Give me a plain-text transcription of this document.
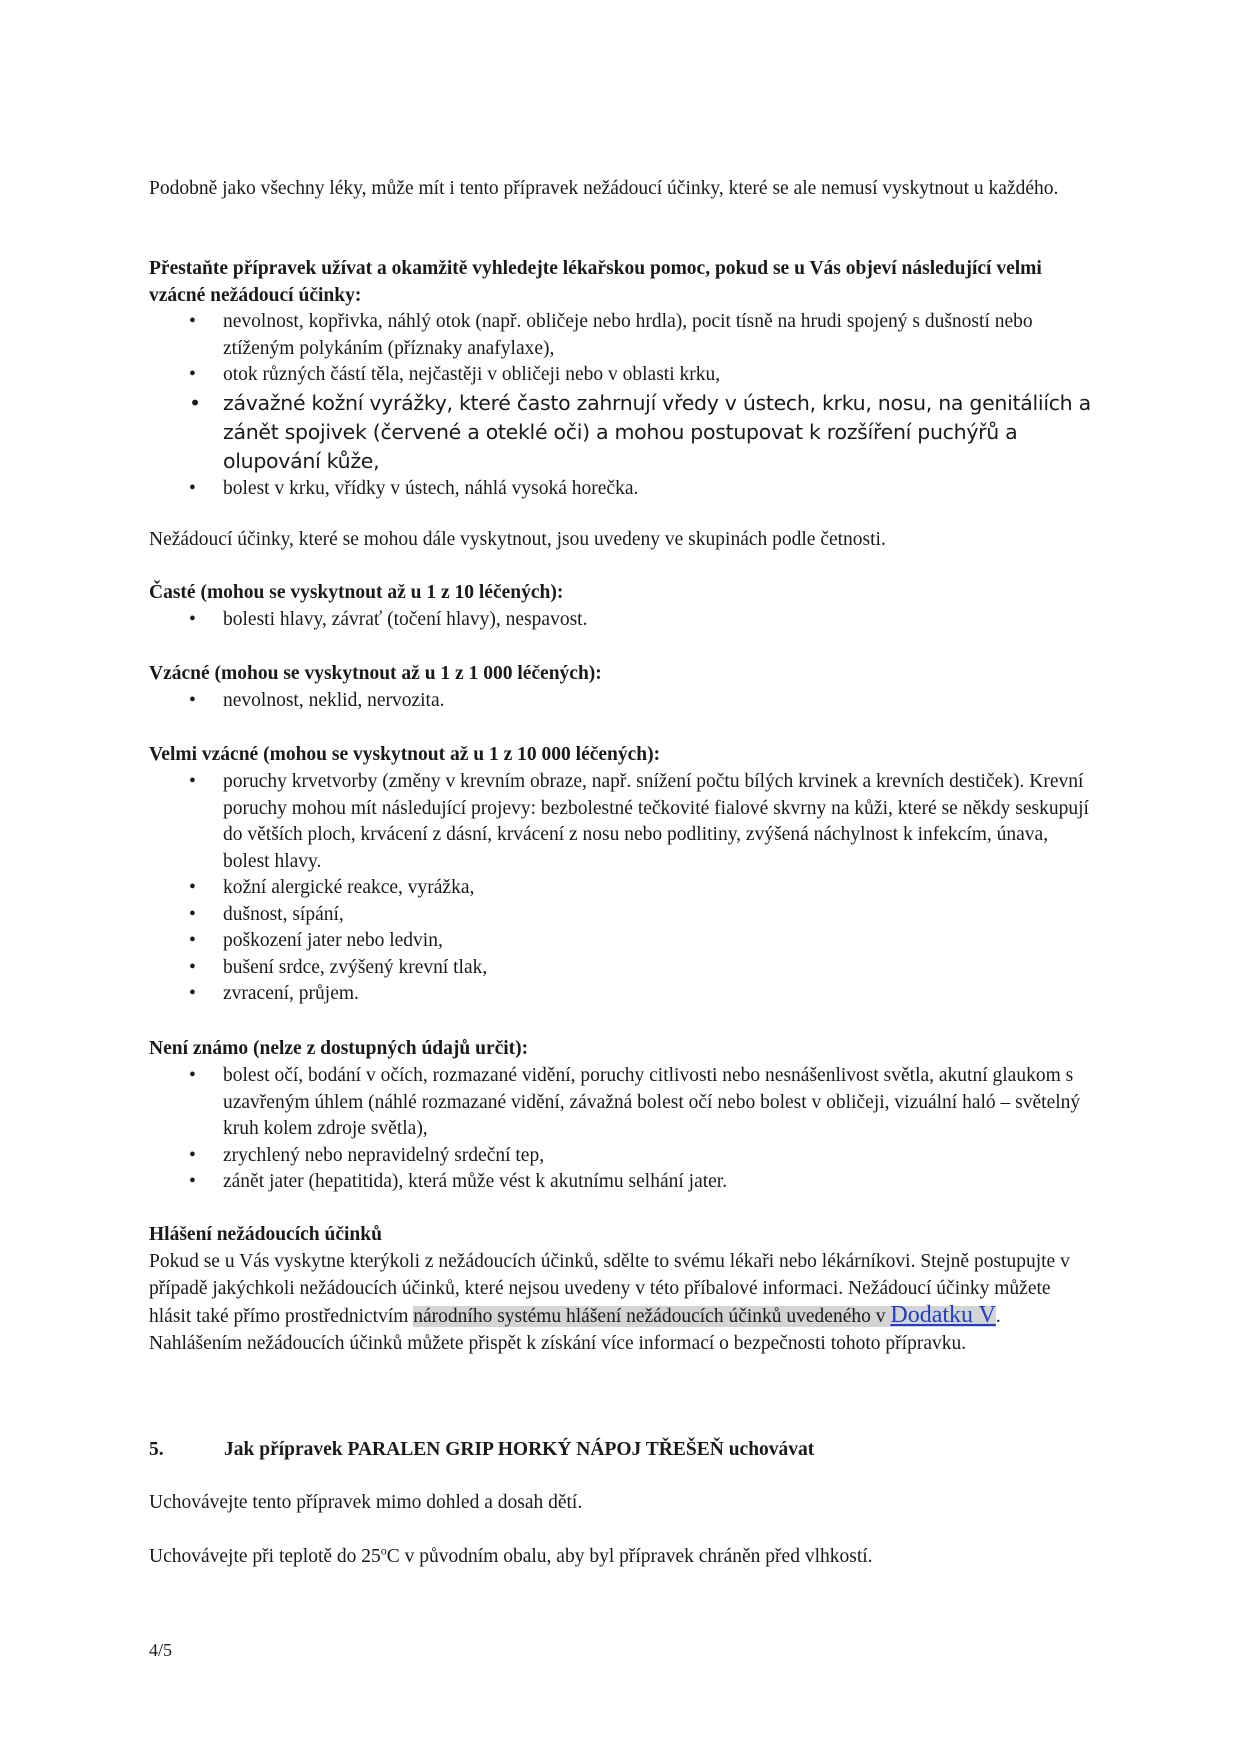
Podobně jako všechny léky, může mít i tento přípravek nežádoucí účinky, které se ale nemusí vyskytnout u každého.

Přestaňte přípravek užívat a okamžitě vyhledejte lékařskou pomoc, pokud se u Vás objeví následující velmi vzácné nežádoucí účinky:

• nevolnost, kopřivka, náhlý otok (např. obličeje nebo hrdla), pocit tísně na hrudi spojený s dušností nebo ztíženým polykáním (příznaky anafylaxe),
• otok různých částí těla, nejčastěji v obličeji nebo v oblasti krku,
• závažné kožní vyrážky, které často zahrnují vředy v ústech, krku, nosu, na genitáliích a zánět spojivek (červené a oteklé oči) a mohou postupovat k rozšíření puchýřů a olupování kůže,
• bolest v krku, vřídky v ústech, náhlá vysoká horečka.

Nežádoucí účinky, které se mohou dále vyskytnout, jsou uvedeny ve skupinách podle četnosti.

Časté (mohou se vyskytnout až u 1 z 10 léčených):

• bolesti hlavy, závrať (točení hlavy), nespavost.

Vzácné (mohou se vyskytnout až u 1 z 1 000 léčených):

• nevolnost, neklid, nervozita.

Velmi vzácné (mohou se vyskytnout až u 1 z 10 000 léčených):

• poruchy krvetvorby (změny v krevním obraze, např. snížení počtu bílých krvinek a krevních destiček). Krevní poruchy mohou mít následující projevy: bezbolestné tečkovité fialové skvrny na kůži, které se někdy seskupují do větších ploch, krvácení z dásní, krvácení z nosu nebo podlitiny, zvýšená náchylnost k infekcím, únava, bolest hlavy.
• kožní alergické reakce, vyrážka,
• dušnost, sípání,
• poškození jater nebo ledvin,
• bušení srdce, zvýšený krevní tlak,
• zvracení, průjem.

Není známo (nelze z dostupných údajů určit):

• bolest očí, bodání v očích, rozmazané vidění, poruchy citlivosti nebo nesnášenlivost světla, akutní glaukom s uzavřeným úhlem (náhlé rozmazané vidění, závažná bolest očí nebo bolest v obličeji, vizuální haló – světelný kruh kolem zdroje světla),
• zrychlený nebo nepravidelný srdeční tep,
• zánět jater (hepatitida), která může vést k akutnímu selhání jater.

Hlášení nežádoucích účinků

Pokud se u Vás vyskytne kterýkoli z nežádoucích účinků, sdělte to svému lékaři nebo lékárníkovi. Stejně postupujte v případě jakýchkoli nežádoucích účinků, které nejsou uvedeny v této příbalové informaci. Nežádoucí účinky můžete hlásit také přímo prostřednictvím národního systému hlášení nežádoucích účinků uvedeného v Dodatku V. Nahlášením nežádoucích účinků můžete přispět k získání více informací o bezpečnosti tohoto přípravku.

5.	Jak přípravek PARALEN GRIP HORKÝ NÁPOJ TŘEŠEŇ uchovávat

Uchovávejte tento přípravek mimo dohled a dosah dětí.

Uchovávejte při teplotě do 25$^o$C v původním obalu, aby byl přípravek chráněn před vlhkostí.

4/5
